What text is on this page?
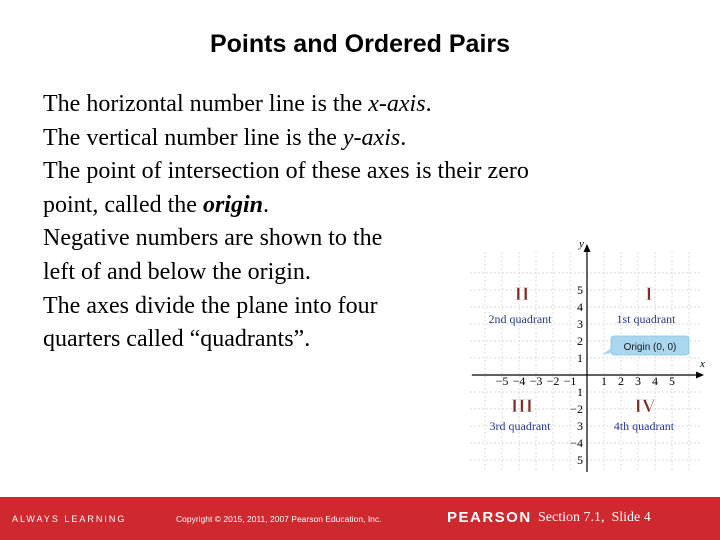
Points and Ordered Pairs
The horizontal number line is the x-axis.
The vertical number line is the y-axis.
The point of intersection of these axes is their zero
point, called the origin.
Negative numbers are shown to the
left of and below the origin.
The axes divide the plane into four
quarters called “quadrants”.
x
y
−5 −4 −3 −2 −1 1 2 3 4 5
5
4
3
2
1
1
−2
3
−4
5
II	I
III	IV
2nd quadrant	1st quadrant
3rd quadrant	4th quadrant
Origin (0, 0)
ALWAYS LEARNING	Copyright © 2015, 2011, 2007 Pearson Education, Inc.	PEARSON Section 7.1,  Slide 4
